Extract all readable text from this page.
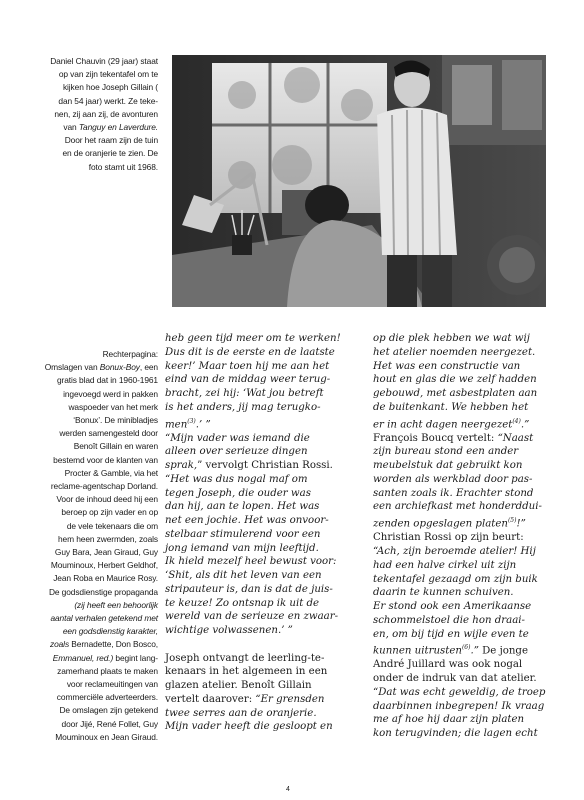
Daniel Chauvin (29 jaar) staat

op van zijn tekentafel om te

kijken hoe Joseph Gillain (

dan 54 jaar) werkt. Ze teke-

nen, zij aan zij, de avonturen

van Tanguy en Laverdure.

Door het raam zijn de tuin

en de oranjerie te zien. De

foto stamt uit 1968.

Rechterpagina:

Omslagen van Bonux-Boy, een

gratis blad dat in 1960-1961

ingevoegd werd in pakken

waspoeder van het merk

‘Bonux’. De minibladjes

werden samengesteld door

Benoît Gillain en waren

bestemd voor de klanten van

Procter & Gamble, via het

reclame-agentschap Dorland.

Voor de inhoud deed hij een

beroep op zijn vader en op

de vele tekenaars die om

hem heen zwermden, zoals

Guy Bara, Jean Giraud, Guy

Mouminoux, Herbert Geldhof,

Jean Roba en Maurice Rosy.

De godsdienstige propaganda

(zij heeft een behoorlijk

aantal verhalen getekend met

een godsdienstig karakter,

zoals Bernadette, Don Bosco,

Emmanuel, red.) begint lang-

zamerhand plaats te maken

voor reclameuitingen van

commerciële adverteerders.

De omslagen zijn getekend

door Jijé, René Follet, Guy

Mouminoux en Jean Giraud.

heb geen tijd meer om te werken!

Dus dit is de eerste en de laatste

keer!’ Maar toen hij me aan het

eind van de middag weer terug-

bracht, zei hij: ‘Wat jou betreft

is het anders, jij mag terugko-

men$^{(3)}$.’ ”

“Mijn vader was iemand die

alleen over serieuze dingen

sprak,” vervolgt Christian Rossi.

“Het was dus nogal maf om

tegen Joseph, die ouder was

dan hij, aan te lopen. Het was

net een jochie. Het was onvoor-

stelbaar stimulerend voor een

jong iemand van mijn leeftijd.

Ik hield mezelf heel bewust voor:

‘Shit, als dit het leven van een

stripauteur is, dan is dat de juis-

te keuze! Zo ontsnap ik uit de

wereld van de serieuze en zwaar-

wichtige volwassenen.’ ”

Joseph ontvangt de leerling-te-

kenaars in het algemeen in een

glazen atelier. Benoît Gillain

vertelt daarover: “Er grensden

twee serres aan de oranjerie.

Mijn vader heeft die gesloopt en

op die plek hebben we wat wij

het atelier noemden neergezet.

Het was een constructie van

hout en glas die we zelf hadden

gebouwd, met asbestplaten aan

de buitenkant. We hebben het

er in acht dagen neergezet$^{(4)}$.”

François Boucq vertelt: “Naast

zijn bureau stond een ander

meubelstuk dat gebruikt kon

worden als werkblad door pas-

santen zoals ik. Erachter stond

een archiefkast met honderddui-

zenden opgeslagen platen$^{(5)}$!”

Christian Rossi op zijn beurt:

“Ach, zijn beroemde atelier! Hij

had een halve cirkel uit zijn

tekentafel gezaagd om zijn buik

daarin te kunnen schuiven.

Er stond ook een Amerikaanse

schommelstoel die hon draai-

en, om bij tijd en wijle even te

kunnen uitrusten$^{(6)}$.” De jonge

André Juillard was ook nogal

onder de indruk van dat atelier.

“Dat was echt geweldig, de troep

daarbinnen inbegrepen! Ik vraag

me af hoe hij daar zijn platen

kon terugvinden; die lagen echt

4
